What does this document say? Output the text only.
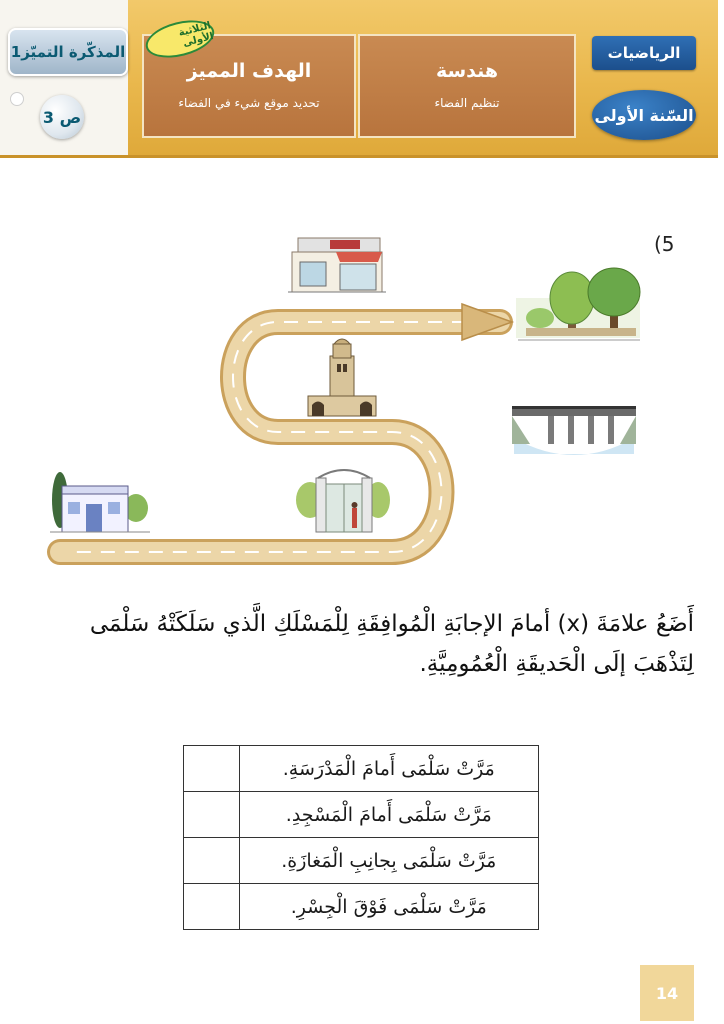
المذكّرة التميّز1
ص 3
الهدف المميز
تحديد موقع شيء في الفضاء
الثلاثية الأولى
هندسة
تنظيم الفضاء
الرياضيات
السّنة الأولى
(5
أَضَعُ علامَةَ (x) أمامَ الإجابَةِ الْمُوافِقَةِ لِلْمَسْلَكِ الَّذي سَلَكَتْهُ سَلْمَى لِتَذْهَبَ إلَى الْحَديقَةِ الْعُمُومِيَّةِ.
مَرَّتْ سَلْمَى أَمامَ الْمَدْرَسَةِ.	
مَرَّتْ سَلْمَى أَمامَ الْمَسْجِدِ.	
مَرَّتْ سَلْمَى بِجانِبِ الْمَغازَةِ.	
مَرَّتْ سَلْمَى فَوْقَ الْجِسْرِ.	
14
